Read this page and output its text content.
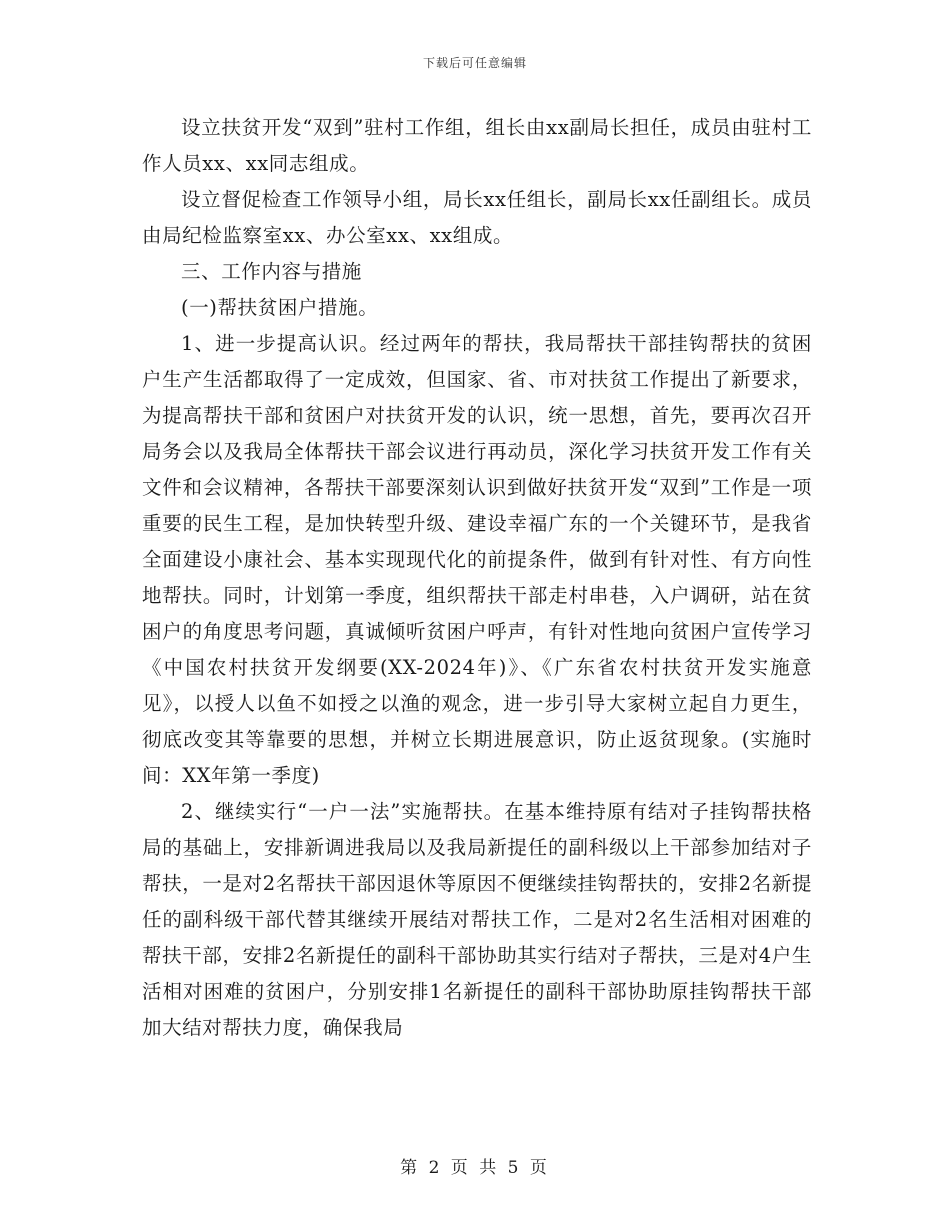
下载后可任意编辑

设立扶贫开发“双到”驻村工作组，组长由xx副局长担任，成员由驻村工作人员xx、xx同志组成。

设立督促检查工作领导小组，局长xx任组长，副局长xx任副组长。成员由局纪检监察室xx、办公室xx、xx组成。

三、工作内容与措施

(一)帮扶贫困户措施。

1、进一步提高认识。经过两年的帮扶，我局帮扶干部挂钩帮扶的贫困户生产生活都取得了一定成效，但国家、省、市对扶贫工作提出了新要求，为提高帮扶干部和贫困户对扶贫开发的认识，统一思想，首先，要再次召开局务会以及我局全体帮扶干部会议进行再动员，深化学习扶贫开发工作有关文件和会议精神，各帮扶干部要深刻认识到做好扶贫开发“双到”工作是一项重要的民生工程，是加快转型升级、建设幸福广东的一个关键环节，是我省全面建设小康社会、基本实现现代化的前提条件，做到有针对性、有方向性地帮扶。同时，计划第一季度，组织帮扶干部走村串巷，入户调研，站在贫困户的角度思考问题，真诚倾听贫困户呼声，有针对性地向贫困户宣传学习《中国农村扶贫开发纲要(XX-2024年)》、《广东省农村扶贫开发实施意见》，以授人以鱼不如授之以渔的观念，进一步引导大家树立起自力更生，彻底改变其等靠要的思想，并树立长期进展意识，防止返贫现象。(实施时间：XX年第一季度)

2、继续实行“一户一法”实施帮扶。在基本维持原有结对子挂钩帮扶格局的基础上，安排新调进我局以及我局新提任的副科级以上干部参加结对子帮扶，一是对2名帮扶干部因退休等原因不便继续挂钩帮扶的，安排2名新提任的副科级干部代替其继续开展结对帮扶工作，二是对2名生活相对困难的帮扶干部，安排2名新提任的副科干部协助其实行结对子帮扶，三是对4户生活相对困难的贫困户，分别安排1名新提任的副科干部协助原挂钩帮扶干部加大结对帮扶力度，确保我局

第 2 页 共 5 页
